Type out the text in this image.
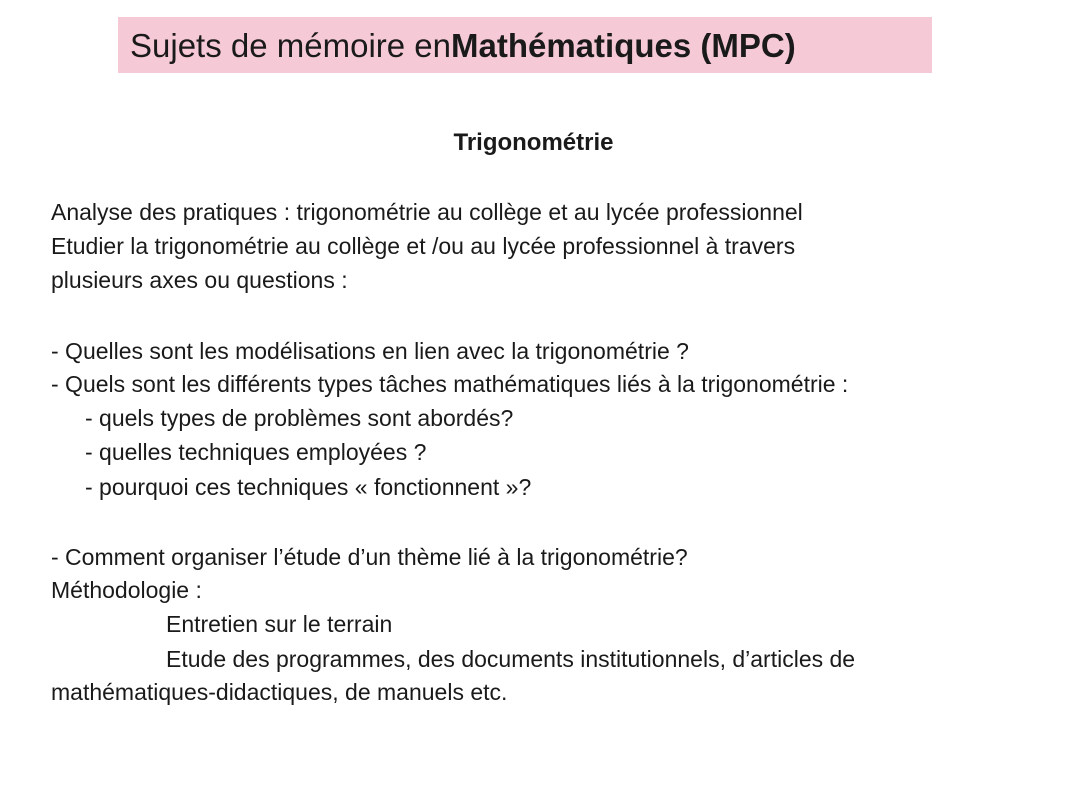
Sujets de mémoire en Mathématiques (MPC)
Trigonométrie
Analyse des pratiques : trigonométrie au collège et au lycée professionnel
Etudier la trigonométrie au collège et /ou au lycée professionnel à travers
plusieurs axes ou questions :
- Quelles sont les modélisations en lien avec la trigonométrie ?
- Quels sont les différents types tâches mathématiques liés à la trigonométrie :
- quels types de problèmes sont abordés?
- quelles techniques employées ?
- pourquoi ces techniques « fonctionnent »?
- Comment organiser l’étude d’un thème lié à la trigonométrie?
Méthodologie :
Entretien sur le terrain
Etude des programmes, des documents institutionnels, d’articles de
mathématiques-didactiques, de manuels etc.
